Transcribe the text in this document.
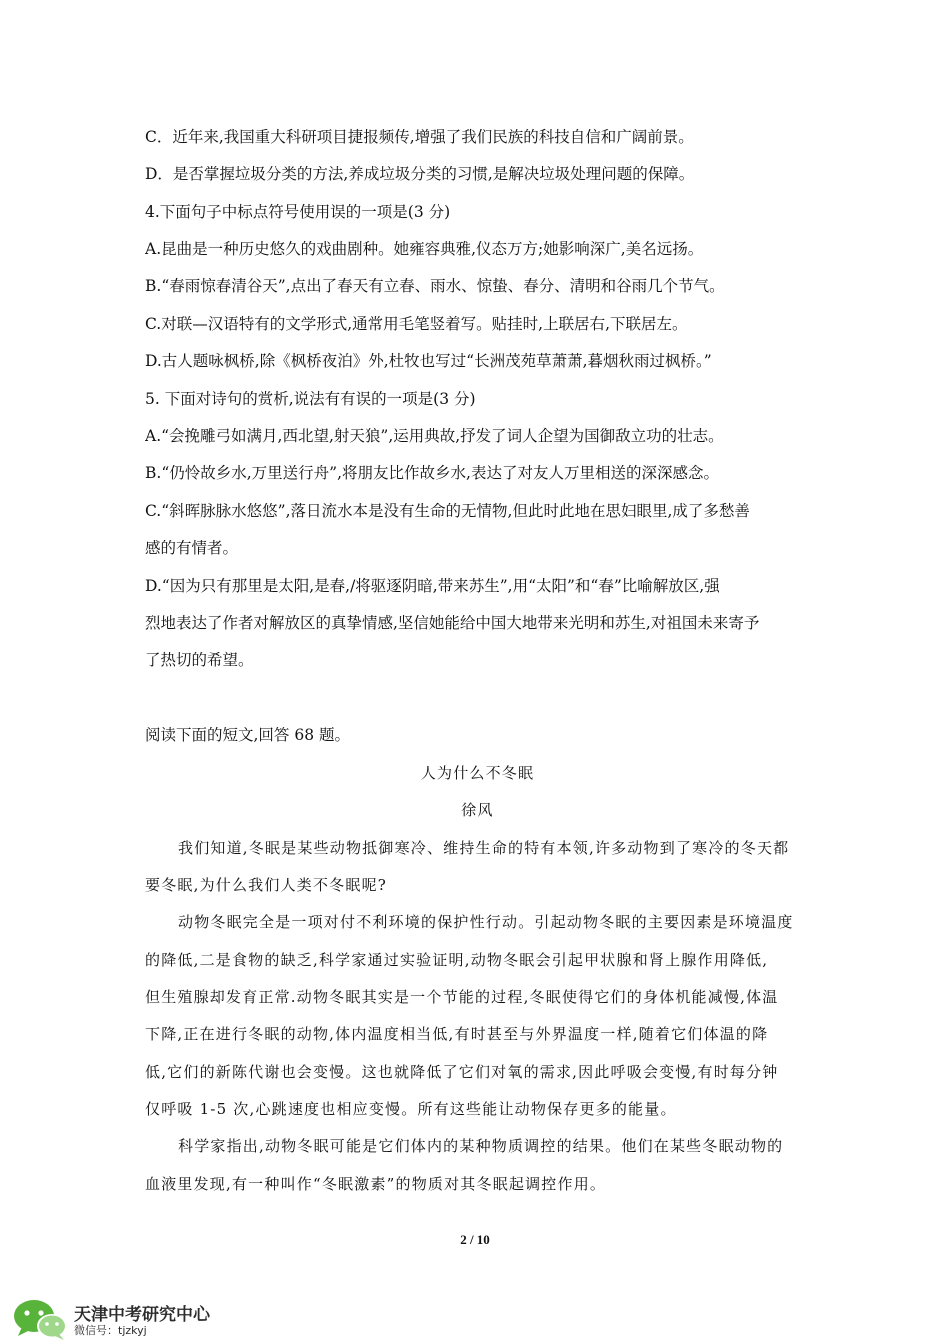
C．近年来,我国重大科研项目捷报频传,增强了我们民族的科技自信和广阔前景。
D．是否掌握垃圾分类的方法,养成垃圾分类的习惯,是解决垃圾处理问题的保障。
4.下面句子中标点符号使用误的一项是(3 分)
A.昆曲是一种历史悠久的戏曲剧种。她雍容典雅,仪态万方;她影响深广,美名远扬。
B.“春雨惊春清谷天”,点出了春天有立春、雨水、惊蛰、春分、清明和谷雨几个节气。
C.对联—汉语特有的文学形式,通常用毛笔竖着写。贴挂时,上联居右,下联居左。
D.古人题咏枫桥,除《枫桥夜泊》外,杜牧也写过“长洲茂苑草萧萧,暮烟秋雨过枫桥。”
5. 下面对诗句的赏析,说法有有误的一项是(3 分)
A.“会挽雕弓如满月,西北望,射天狼”,运用典故,抒发了词人企望为国御敌立功的壮志。
B.“仍怜故乡水,万里送行舟”,将朋友比作故乡水,表达了对友人万里相送的深深感念。
C.“斜晖脉脉水悠悠”,落日流水本是没有生命的无情物,但此时此地在思妇眼里,成了多愁善
感的有情者。
D.“因为只有那里是太阳,是春,/将驱逐阴暗,带来苏生”,用“太阳”和“春”比喻解放区,强
烈地表达了作者对解放区的真挚情感,坚信她能给中国大地带来光明和苏生,对祖国未来寄予
了热切的希望。
阅读下面的短文,回答 68 题。
人为什么不冬眠
徐风
我们知道,冬眠是某些动物抵御寒冷、维持生命的特有本领,许多动物到了寒冷的冬天都
要冬眠,为什么我们人类不冬眠呢?
动物冬眠完全是一项对付不利环境的保护性行动。引起动物冬眠的主要因素是环境温度
的降低,二是食物的缺乏,科学家通过实验证明,动物冬眠会引起甲状腺和肾上腺作用降低,
但生殖腺却发育正常.动物冬眠其实是一个节能的过程,冬眠使得它们的身体机能减慢,体温
下降,正在进行冬眠的动物,体内温度相当低,有时甚至与外界温度一样,随着它们体温的降
低,它们的新陈代谢也会变慢。这也就降低了它们对氧的需求,因此呼吸会变慢,有时每分钟
仅呼吸 1-5 次,心跳速度也相应变慢。所有这些能让动物保存更多的能量。
科学家指出,动物冬眠可能是它们体内的某种物质调控的结果。他们在某些冬眠动物的
血液里发现,有一种叫作“冬眠激素”的物质对其冬眠起调控作用。
2 / 10
天津中考研究中心
微信号：tjzkyj
